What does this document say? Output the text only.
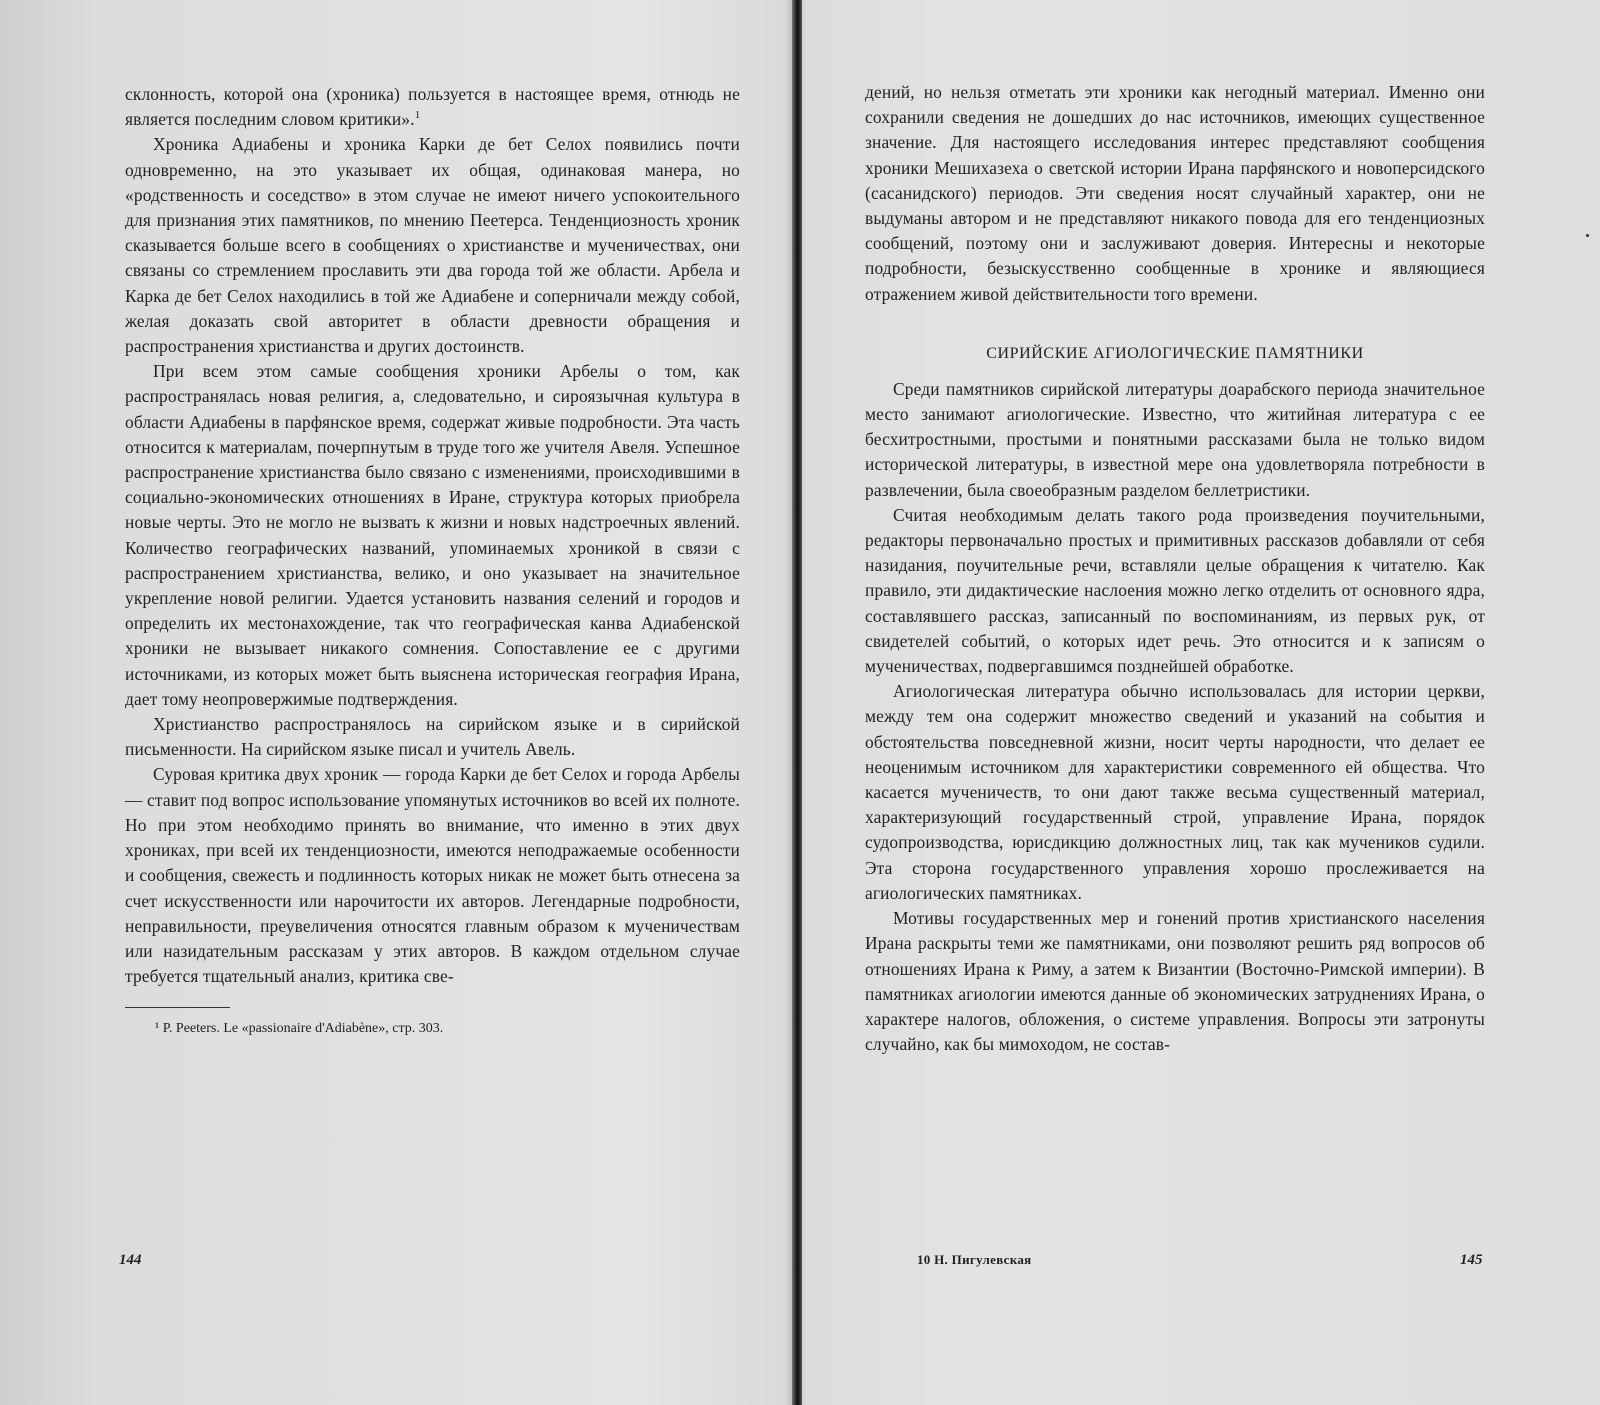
склонность, которой она (хроника) пользуется в настоящее время, отнюдь не является последним словом критики».$^1$

Хроника Адиабены и хроника Карки де бет Селох появились почти одновременно, на это указывает их общая, одинаковая манера, но «родственность и соседство» в этом случае не имеют ничего успокоительного для признания этих памятников, по мнению Пеетерса. Тенденциозность хроник сказывается больше всего в сообщениях о христианстве и мученичествах, они связаны со стремлением прославить эти два города той же области. Арбела и Карка де бет Селох находились в той же Адиабене и соперничали между собой, желая доказать свой авторитет в области древности обращения и распространения христианства и других достоинств.

При всем этом самые сообщения хроники Арбелы о том, как распространялась новая религия, а, следовательно, и сироязычная культура в области Адиабены в парфянское время, содержат живые подробности. Эта часть относится к материалам, почерпнутым в труде того же учителя Авеля. Успешное распространение христианства было связано с изменениями, происходившими в социально-экономических отношениях в Иране, структура которых приобрела новые черты. Это не могло не вызвать к жизни и новых надстроечных явлений. Количество географических названий, упоминаемых хроникой в связи с распространением христианства, велико, и оно указывает на значительное укрепление новой религии. Удается установить названия селений и городов и определить их местонахождение, так что географическая канва Адиабенской хроники не вызывает никакого сомнения. Сопоставление ее с другими источниками, из которых может быть выяснена историческая география Ирана, дает тому неопровержимые подтверждения.

Христианство распространялось на сирийском языке и в сирийской письменности. На сирийском языке писал и учитель Авель.

Суровая критика двух хроник — города Карки де бет Селох и города Арбелы — ставит под вопрос использование упомянутых источников во всей их полноте. Но при этом необходимо принять во внимание, что именно в этих двух хрониках, при всей их тенденциозности, имеются неподражаемые особенности и сообщения, свежесть и подлинность которых никак не может быть отнесена за счет искусственности или нарочитости их авторов. Легендарные подробности, неправильности, преувеличения относятся главным образом к мученичествам или назидательным рассказам у этих авторов. В каждом отдельном случае требуется тщательный анализ, критика све-

¹ P. Peeters. Le «passionaire d'Adiabène», стр. 303.
144

дений, но нельзя отметать эти хроники как негодный материал. Именно они сохранили сведения не дошедших до нас источников, имеющих существенное значение. Для настоящего исследования интерес представляют сообщения хроники Мешихазеха о светской истории Ирана парфянского и новоперсидского (сасанидского) периодов. Эти сведения носят случайный характер, они не выдуманы автором и не представляют никакого повода для его тенденциозных сообщений, поэтому они и заслуживают доверия. Интересны и некоторые подробности, безыскусственно сообщенные в хронике и являющиеся отражением живой действительности того времени.

СИРИЙСКИЕ АГИОЛОГИЧЕСКИЕ ПАМЯТНИКИ

Среди памятников сирийской литературы доарабского периода значительное место занимают агиологические. Известно, что житийная литература с ее бесхитростными, простыми и понятными рассказами была не только видом исторической литературы, в известной мере она удовлетворяла потребности в развлечении, была своеобразным разделом беллетристики.

Считая необходимым делать такого рода произведения поучительными, редакторы первоначально простых и примитивных рассказов добавляли от себя назидания, поучительные речи, вставляли целые обращения к читателю. Как правило, эти дидактические наслоения можно легко отделить от основного ядра, составлявшего рассказ, записанный по воспоминаниям, из первых рук, от свидетелей событий, о которых идет речь. Это относится и к записям о мученичествах, подвергавшимся позднейшей обработке.

Агиологическая литература обычно использовалась для истории церкви, между тем она содержит множество сведений и указаний на события и обстоятельства повседневной жизни, носит черты народности, что делает ее неоценимым источником для характеристики современного ей общества. Что касается мученичеств, то они дают также весьма существенный материал, характеризующий государственный строй, управление Ирана, порядок судопроизводства, юрисдикцию должностных лиц, так как мучеников судили. Эта сторона государственного управления хорошо прослеживается на агиологических памятниках.

Мотивы государственных мер и гонений против христианского населения Ирана раскрыты теми же памятниками, они позволяют решить ряд вопросов об отношениях Ирана к Риму, а затем к Византии (Восточно-Римской империи). В памятниках агиологии имеются данные об экономических затруднениях Ирана, о характере налогов, обложения, о системе управления. Вопросы эти затронуты случайно, как бы мимоходом, не состав-

10 Н. Пигулевская	145
